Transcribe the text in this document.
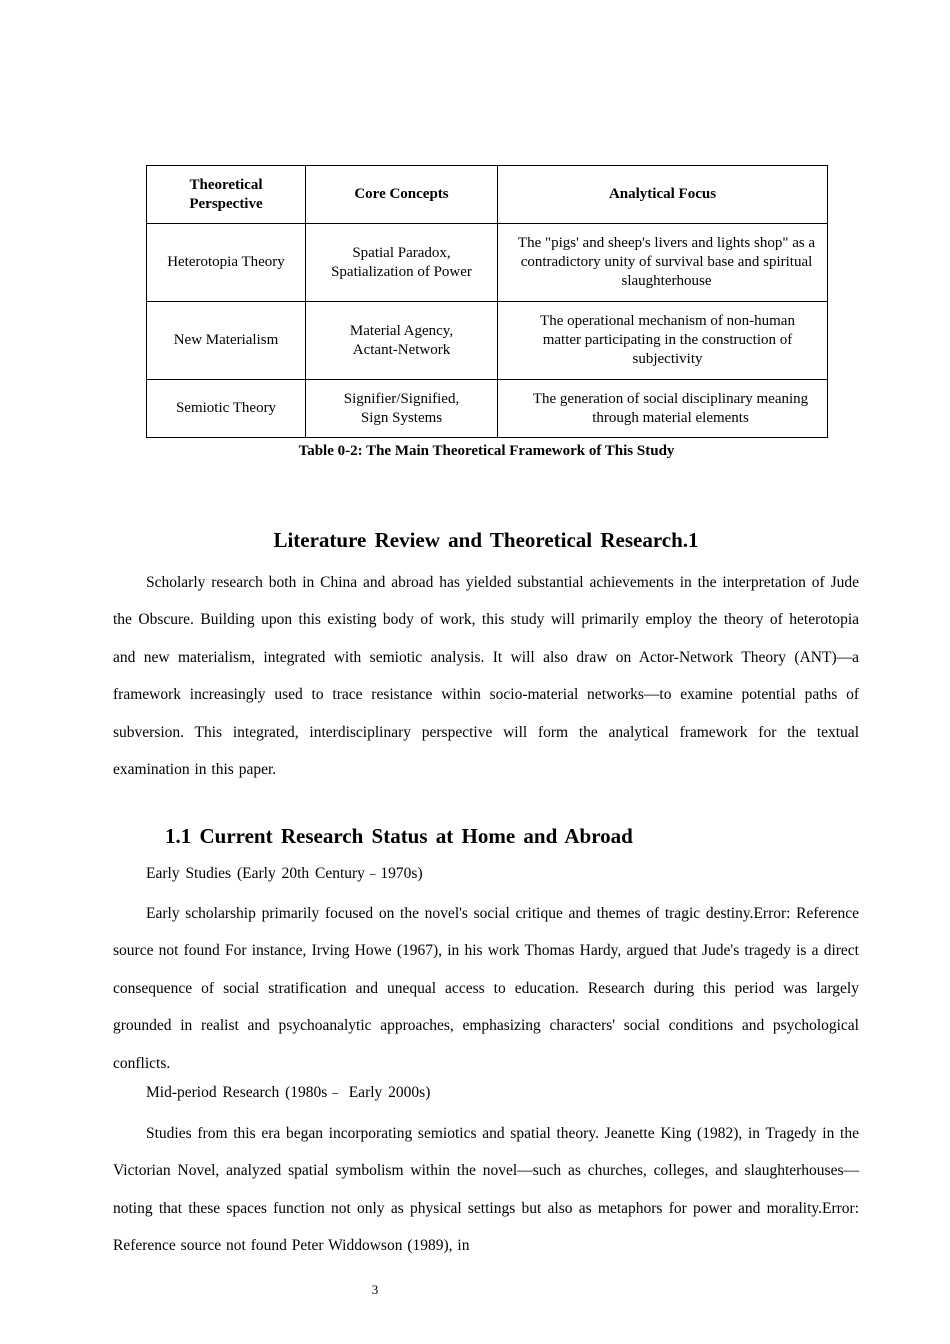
Theoretical Perspective	Core Concepts	Analytical Focus
Heterotopia Theory	Spatial Paradox, Spatialization of Power	The "pigs' and sheep's livers and lights shop" as a contradictory unity of survival base and spiritual slaughterhouse
New Materialism	Material Agency, Actant-Network	The operational mechanism of non-human matter participating in the construction of subjectivity
Semiotic Theory	Signifier/Signified, Sign Systems	The generation of social disciplinary meaning through material elements
Table 0-2: The Main Theoretical Framework of This Study
Literature Review and Theoretical Research.1

Scholarly research both in China and abroad has yielded substantial achievements in the interpretation of Jude the Obscure. Building upon this existing body of work, this study will primarily employ the theory of heterotopia and new materialism, integrated with semiotic analysis. It will also draw on Actor-Network Theory (ANT)—a framework increasingly used to trace resistance within socio-material networks—to examine potential paths of subversion. This integrated, interdisciplinary perspective will form the analytical framework for the textual examination in this paper.

1.1 Current Research Status at Home and Abroad

Early Studies (Early 20th Century﹣1970s)

Early scholarship primarily focused on the novel's social critique and themes of tragic destiny.Error: Reference source not found For instance, Irving Howe (1967), in his work Thomas Hardy, argued that Jude's tragedy is a direct consequence of social stratification and unequal access to education. Research during this period was largely grounded in realist and psychoanalytic approaches, emphasizing characters' social conditions and psychological conflicts.

Mid-period Research (1980s﹣ Early 2000s)

Studies from this era began incorporating semiotics and spatial theory. Jeanette King (1982), in Tragedy in the Victorian Novel, analyzed spatial symbolism within the novel—such as churches, colleges, and slaughterhouses—noting that these spaces function not only as physical settings but also as metaphors for power and morality.Error: Reference source not found Peter Widdowson (1989), in

3
